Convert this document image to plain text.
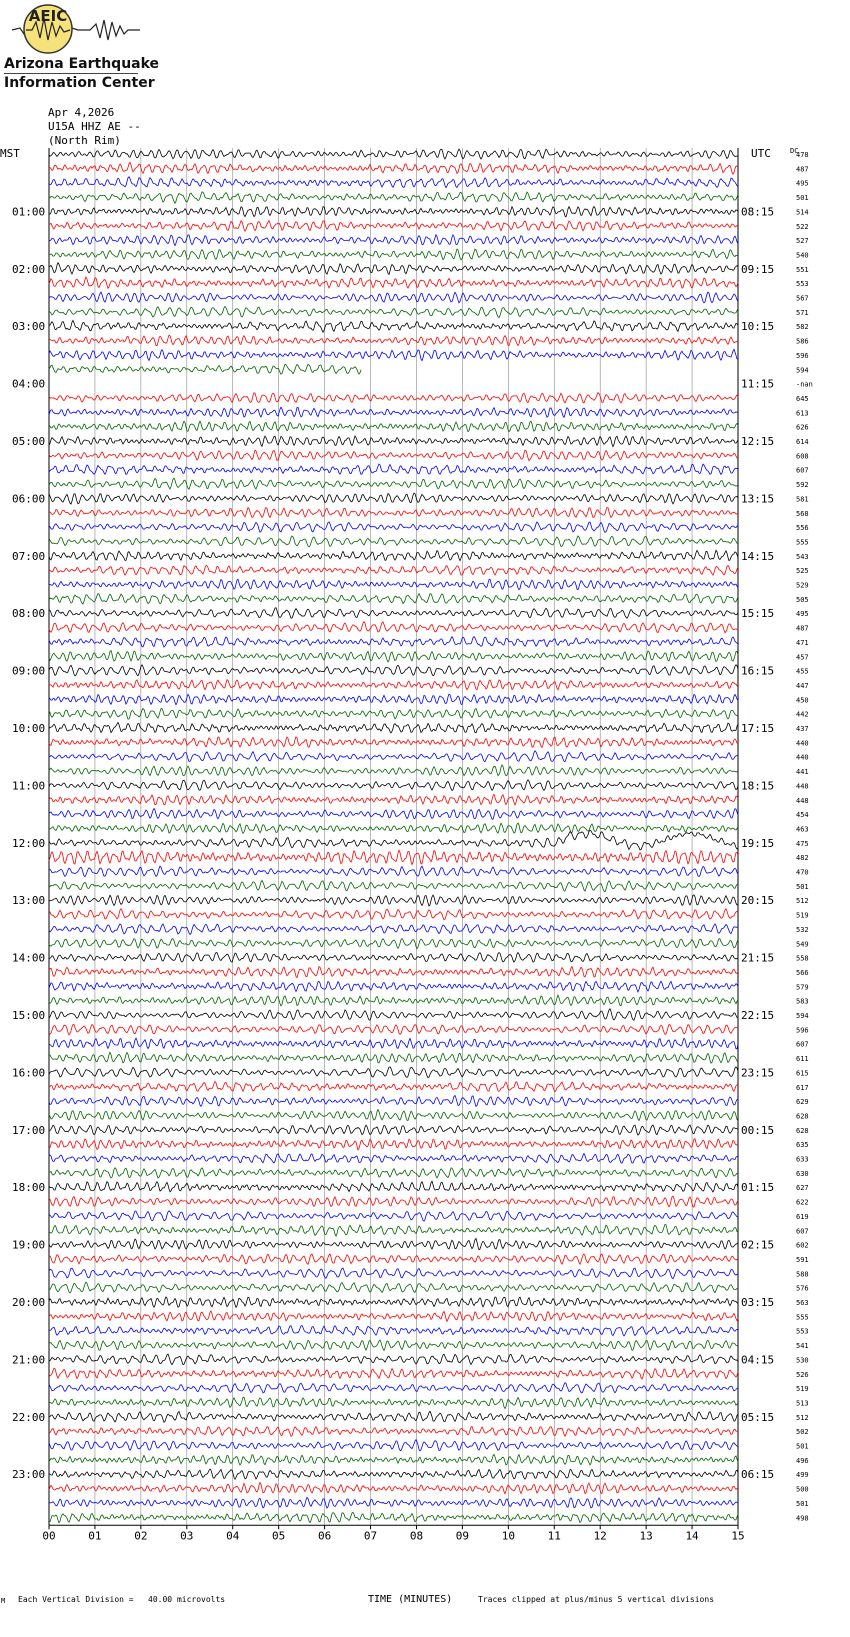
AEIC
Arizona Earthquake
Information Center
Apr 4,2026
U15A HHZ AE --
(North Rim)
00	01	02	03	04	05	06	07	08	09	10	11	12	13	14	15
MST	UTC	DC
01:00
02:00
03:00
04:00
05:00
06:00
07:00
08:00
09:00
10:00
11:00
12:00
13:00
14:00
15:00
16:00
17:00
18:00
19:00
20:00
21:00
22:00
23:00
08:15
09:15
10:15
11:15
12:15
13:15
14:15
15:15
16:15
17:15
18:15
19:15
20:15
21:15
22:15
23:15
00:15
01:15
02:15
03:15
04:15
05:15
06:15
478
487
495
501
514
522
527
540
551
553
567
571
582
586
596
594
-nan
645
613
626
614
608
607
592
581
568
556
555
543
525
529
505
495
487
471
457
455
447
450
442
437
440
440
441
448
448
454
463
475
482
470
501
512
519
532
549
558
566
579
583
594
596
607
611
615
617
629
628
628
635
633
630
627
622
619
607
602
591
588
576
563
555
553
541
530
526
519
513
512
502
501
496
499
500
501
498
M Each Vertical Division =   40.00 microvolts	TIME (MINUTES)	Traces clipped at plus/minus 5 vertical divisions
